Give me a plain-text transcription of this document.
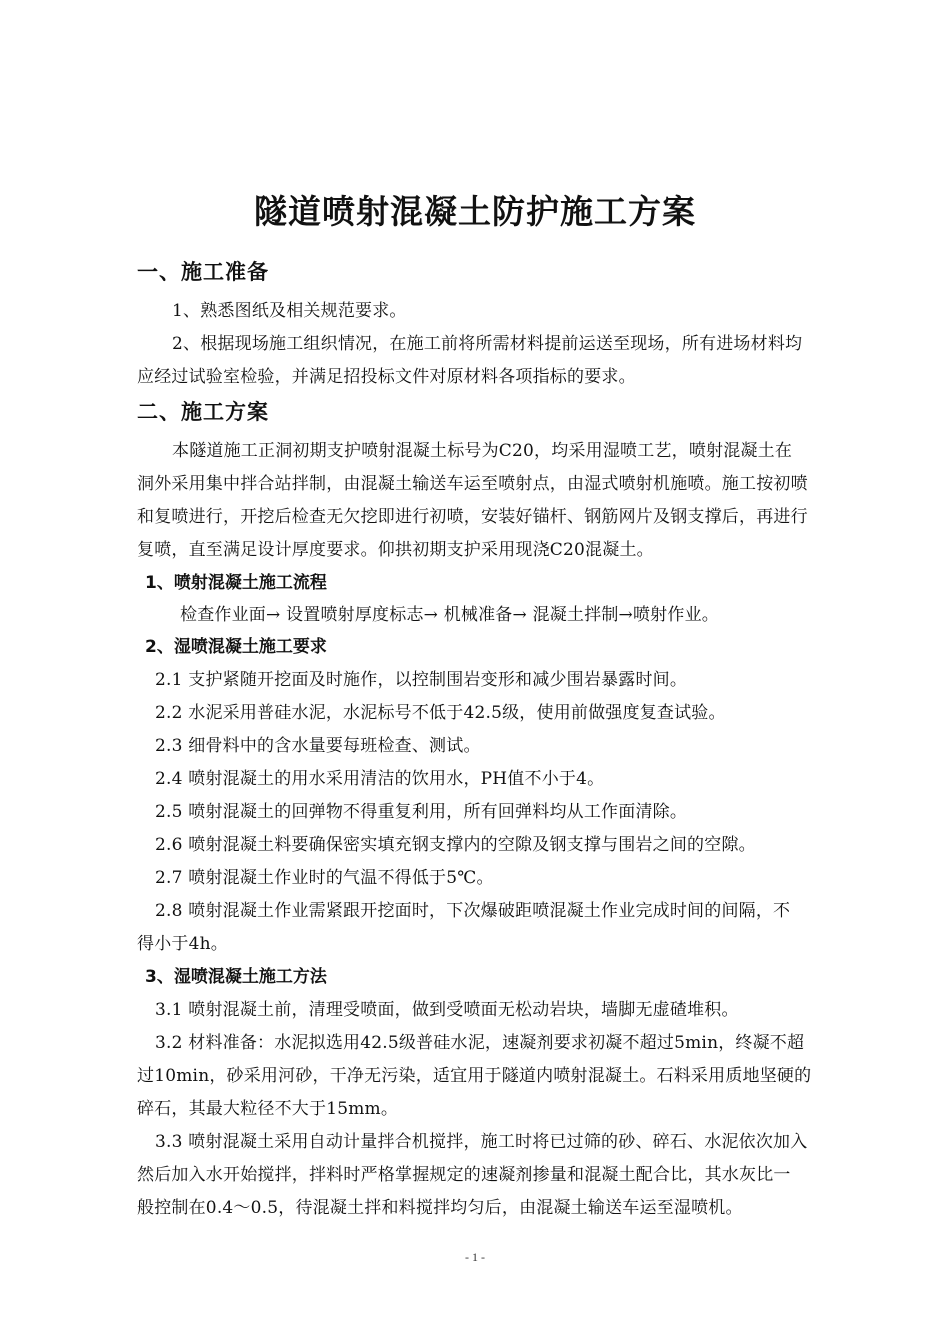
隧道喷射混凝土防护施工方案
一、施工准备
1、熟悉图纸及相关规范要求。
2、根据现场施工组织情况，在施工前将所需材料提前运送至现场，所有进场材料均
应经过试验室检验，并满足招投标文件对原材料各项指标的要求。
二、施工方案
本隧道施工正洞初期支护喷射混凝土标号为C20，均采用湿喷工艺，喷射混凝土在
洞外采用集中拌合站拌制，由混凝土输送车运至喷射点，由湿式喷射机施喷。施工按初喷
和复喷进行，开挖后检查无欠挖即进行初喷，安装好锚杆、钢筋网片及钢支撑后，再进行
复喷，直至满足设计厚度要求。仰拱初期支护采用现浇C20混凝土。
1、喷射混凝土施工流程
检查作业面→ 设置喷射厚度标志→ 机械准备→ 混凝土拌制→喷射作业。
2、湿喷混凝土施工要求
2.1 支护紧随开挖面及时施作，以控制围岩变形和减少围岩暴露时间。
2.2 水泥采用普硅水泥，水泥标号不低于42.5级，使用前做强度复查试验。
2.3 细骨料中的含水量要每班检查、测试。
2.4 喷射混凝土的用水采用清洁的饮用水，PH值不小于4。
2.5 喷射混凝土的回弹物不得重复利用，所有回弹料均从工作面清除。
2.6 喷射混凝土料要确保密实填充钢支撑内的空隙及钢支撑与围岩之间的空隙。
2.7 喷射混凝土作业时的气温不得低于5℃。
2.8 喷射混凝土作业需紧跟开挖面时，下次爆破距喷混凝土作业完成时间的间隔，不
得小于4h。
3、湿喷混凝土施工方法
3.1 喷射混凝土前，清理受喷面，做到受喷面无松动岩块，墙脚无虚碴堆积。
3.2 材料准备：水泥拟选用42.5级普硅水泥，速凝剂要求初凝不超过5min，终凝不超
过10min，砂采用河砂，干净无污染，适宜用于隧道内喷射混凝土。石料采用质地坚硬的
碎石，其最大粒径不大于15mm。
3.3 喷射混凝土采用自动计量拌合机搅拌，施工时将已过筛的砂、碎石、水泥依次加入
然后加入水开始搅拌，拌料时严格掌握规定的速凝剂掺量和混凝土配合比，其水灰比一
般控制在0.4～0.5，待混凝土拌和料搅拌均匀后，由混凝土输送车运至湿喷机。
- 1 -
